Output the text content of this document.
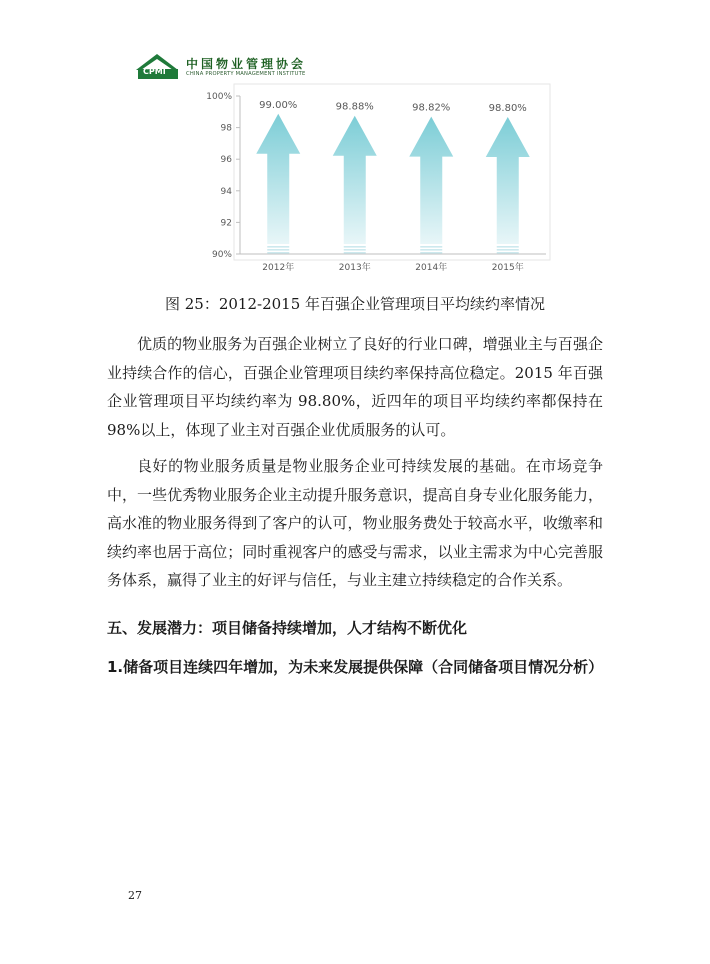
CPMI
中国物业管理协会
CHINA PROPERTY MANAGEMENT INSTITUTE
90%
92
94
96
98
100%
99.00%
2012年
98.88%
2013年
98.82%
2014年
98.80%
2015年
图 25：2012-2015 年百强企业管理项目平均续约率情况

优质的物业服务为百强企业树立了良好的行业口碑，增强业主与百强企业持续合作的信心，百强企业管理项目续约率保持高位稳定。2015 年百强企业管理项目平均续约率为 98.80%，近四年的项目平均续约率都保持在 98%以上，体现了业主对百强企业优质服务的认可。

良好的物业服务质量是物业服务企业可持续发展的基础。在市场竞争中，一些优秀物业服务企业主动提升服务意识，提高自身专业化服务能力，高水准的物业服务得到了客户的认可，物业服务费处于较高水平，收缴率和续约率也居于高位；同时重视客户的感受与需求，以业主需求为中心完善服务体系，赢得了业主的好评与信任，与业主建立持续稳定的合作关系。

五、发展潜力：项目储备持续增加，人才结构不断优化
1.储备项目连续四年增加，为未来发展提供保障（合同储备项目情况分析）
27
